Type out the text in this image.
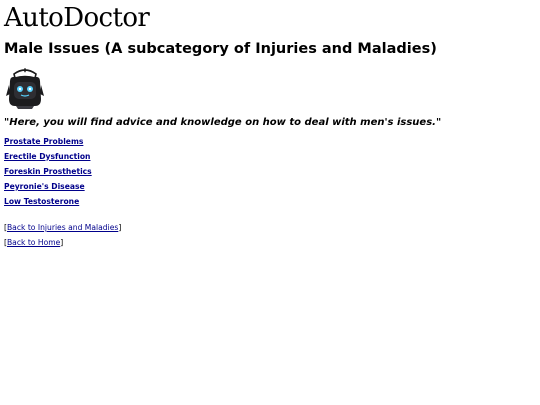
AutoDoctor
Male Issues (A subcategory of Injuries and Maladies)

"Here, you will find advice and knowledge on how to deal with men's issues."

Prostate Problems
Erectile Dysfunction
Foreskin Prosthetics
Peyronie's Disease
Low Testosterone

[Back to Injuries and Maladies]

[Back to Home]
